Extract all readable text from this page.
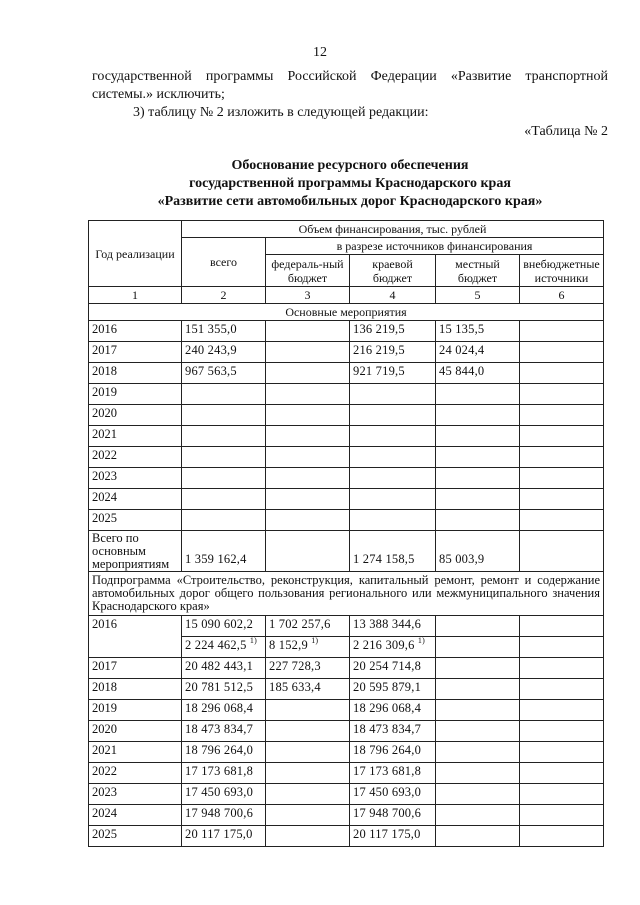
12
государственной программы Российской Федерации «Развитие транспортной
системы.» исключить;
3) таблицу № 2 изложить в следующей редакции:
«Таблица № 2
Обоснование ресурсного обеспечения
государственной программы Краснодарского края
«Развитие сети автомобильных дорог Краснодарского края»
Год реализации	Объем финансирования, тыс. рублей				
	всего	в разрезе источников финансирования			
		федераль-ный бюджет	краевой бюджет	местный бюджет	внебюджетные источники
1	2	3	4	5	6
Основные мероприятия					
2016	151 355,0		136 219,5	15 135,5	
2017	240 243,9		216 219,5	24 024,4	
2018	967 563,5		921 719,5	45 844,0	
2019					
2020					
2021					
2022					
2023					
2024					
2025					
Всего по основным мероприятиям	1 359 162,4		1 274 158,5	85 003,9	
Подпрограмма «Строительство, реконструкция, капитальный ремонт, ремонт и содержание автомобильных дорог общего пользования регионального или межмуниципального значения Краснодарского края»					
2016	15 090 602,2	1 702 257,6	13 388 344,6		
	2 224 462,5 $^{1)}$	8 152,9 $^{1)}$	2 216 309,6 $^{1)}$		
2017	20 482 443,1	227 728,3	20 254 714,8		
2018	20 781 512,5	185 633,4	20 595 879,1		
2019	18 296 068,4		18 296 068,4		
2020	18 473 834,7		18 473 834,7		
2021	18 796 264,0		18 796 264,0		
2022	17 173 681,8		17 173 681,8		
2023	17 450 693,0		17 450 693,0		
2024	17 948 700,6		17 948 700,6		
2025	20 117 175,0		20 117 175,0		
